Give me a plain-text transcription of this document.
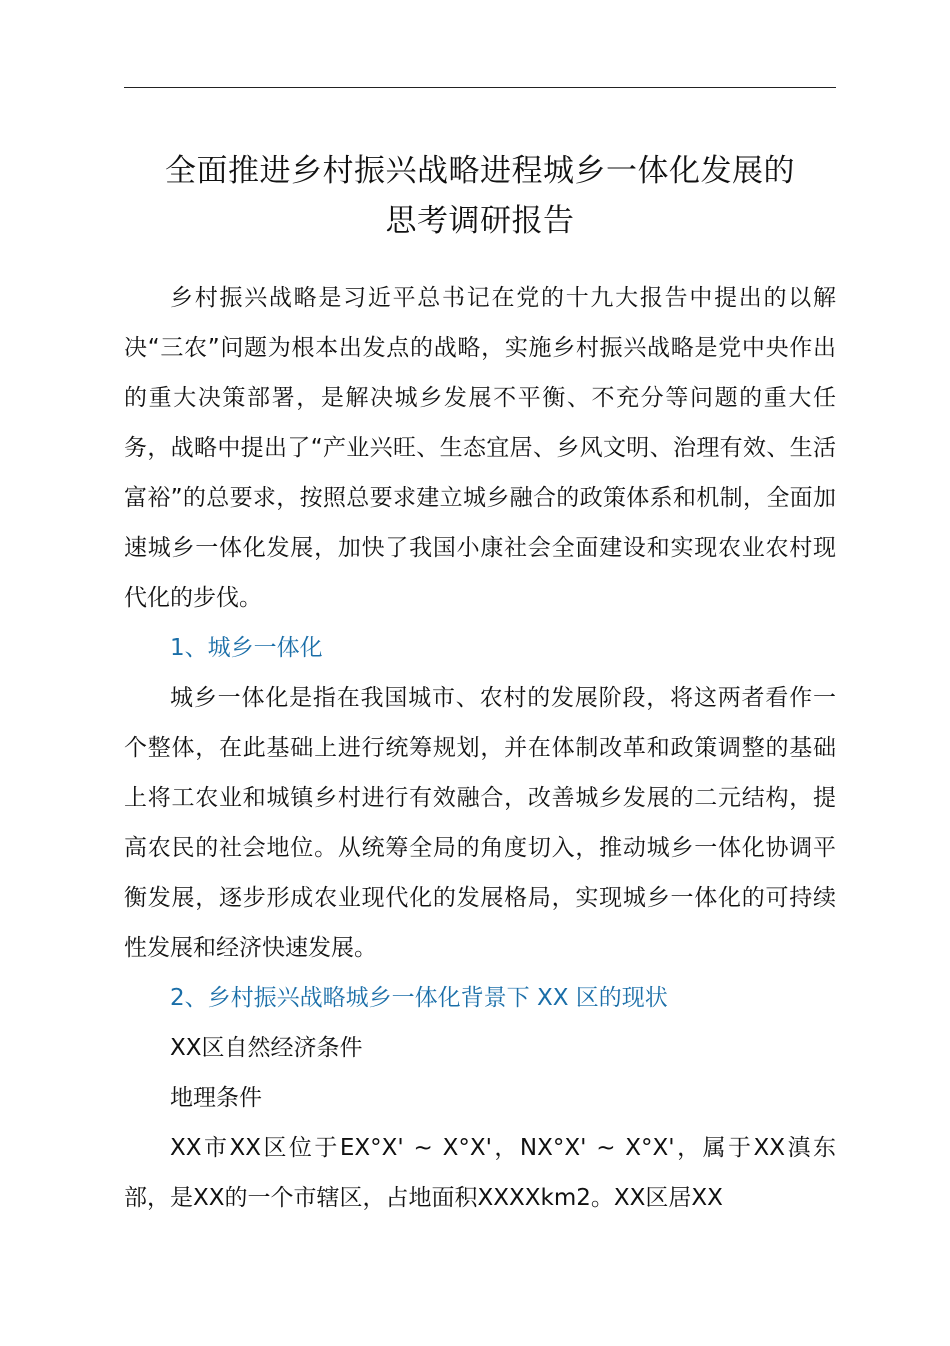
全面推进乡村振兴战略进程城乡一体化发展的
思考调研报告

乡村振兴战略是习近平总书记在党的十九大报告中提出的以解决“三农”问题为根本出发点的战略，实施乡村振兴战略是党中央作出的重大决策部署，是解决城乡发展不平衡、不充分等问题的重大任务，战略中提出了“产业兴旺、生态宜居、乡风文明、治理有效、生活富裕”的总要求，按照总要求建立城乡融合的政策体系和机制，全面加速城乡一体化发展，加快了我国小康社会全面建设和实现农业农村现代化的步伐。

1、城乡一体化

城乡一体化是指在我国城市、农村的发展阶段，将这两者看作一个整体，在此基础上进行统筹规划，并在体制改革和政策调整的基础上将工农业和城镇乡村进行有效融合，改善城乡发展的二元结构，提高农民的社会地位。从统筹全局的角度切入，推动城乡一体化协调平衡发展，逐步形成农业现代化的发展格局，实现城乡一体化的可持续性发展和经济快速发展。

2、乡村振兴战略城乡一体化背景下 XX 区的现状

XX区自然经济条件

地理条件

XX市XX区位于EX°X' ~ X°X'，NX°X' ~ X°X'，属于XX滇东部，是XX的一个市辖区，占地面积XXXXkm2。XX区居XX
